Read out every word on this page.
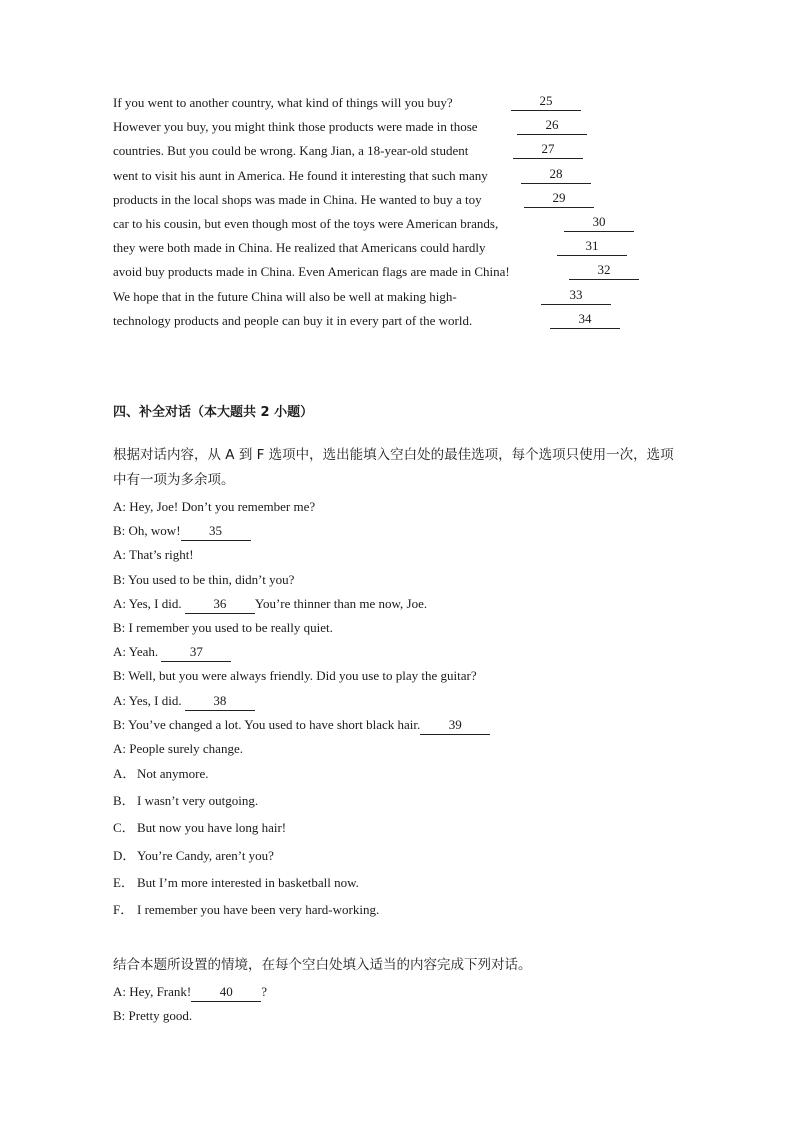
If you went to another country, what kind of things will you buy?	25
However you buy, you might think those products were made in those	26
countries. But you could be wrong. Kang Jian, a 18-year-old student	27
went to visit his aunt in America. He found it interesting that such many	28
products in the local shops was made in China. He wanted to buy a toy	29
car to his cousin, but even though most of the toys were American brands,	30
they were both made in China. He realized that Americans could hardly	31
avoid buy products made in China. Even American flags are made in China!	32
We hope that in the future China will also be well at making high-	33
technology products and people can buy it in every part of the world.	34
四、补全对话（本大题共 2 小题）
根据对话内容，从 A 到 F 选项中，选出能填入空白处的最佳选项，每个选项只使用一次，选项中有一项为多余项。
A: Hey, Joe! Don’t you remember me?
B: Oh, wow! 35
A: That’s right!
B: You used to be thin, didn’t you?
A: Yes, I did. 36 You’re thinner than me now, Joe.
B: I remember you used to be really quiet.
A: Yeah. 37
B: Well, but you were always friendly. Did you use to play the guitar?
A: Yes, I did. 38
B: You’ve changed a lot. You used to have short black hair. 39
A: People surely change.
A． Not anymore.
B． I wasn’t very outgoing.
C． But now you have long hair!
D． You’re Candy, aren’t you?
E． But I’m more interested in basketball now.
F． I remember you have been very hard-working.
结合本题所设置的情境，在每个空白处填入适当的内容完成下列对话。
A: Hey, Frank! 40 ?
B: Pretty good.
